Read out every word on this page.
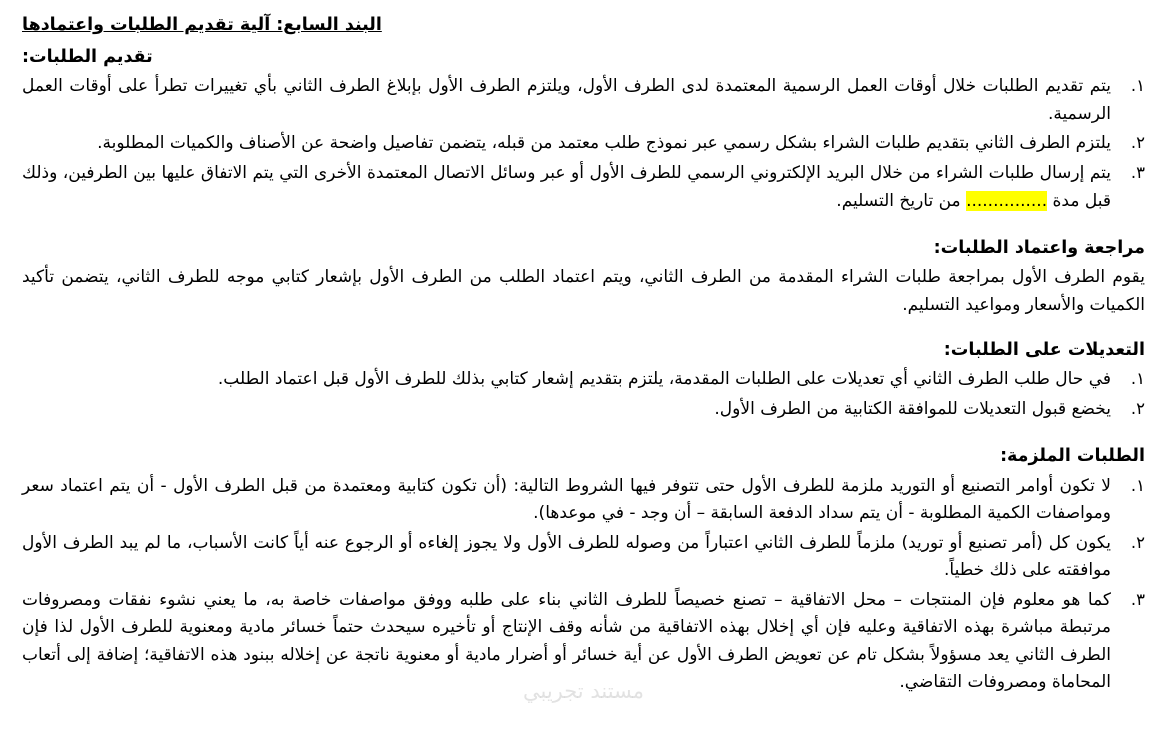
البند السابع: آلية تقديم الطلبات واعتمادها
تقديم الطلبات:
١.
يتم تقديم الطلبات خلال أوقات العمل الرسمية المعتمدة لدى الطرف الأول، ويلتزم الطرف الأول بإبلاغ الطرف الثاني بأي تغييرات تطرأ على أوقات العمل الرسمية.
٢.
يلتزم الطرف الثاني بتقديم طلبات الشراء بشكل رسمي عبر نموذج طلب معتمد من قبله، يتضمن تفاصيل واضحة عن الأصناف والكميات المطلوبة.
٣.
يتم إرسال طلبات الشراء من خلال البريد الإلكتروني الرسمي للطرف الأول أو عبر وسائل الاتصال المعتمدة الأخرى التي يتم الاتفاق عليها بين الطرفين، وذلك قبل مدة ............... من تاريخ التسليم.
مراجعة واعتماد الطلبات:
يقوم الطرف الأول بمراجعة طلبات الشراء المقدمة من الطرف الثاني، ويتم اعتماد الطلب من الطرف الأول بإشعار كتابي موجه للطرف الثاني، يتضمن تأكيد الكميات والأسعار ومواعيد التسليم.
التعديلات على الطلبات:
١.
في حال طلب الطرف الثاني أي تعديلات على الطلبات المقدمة، يلتزم بتقديم إشعار كتابي بذلك للطرف الأول قبل اعتماد الطلب.
٢.
يخضع قبول التعديلات للموافقة الكتابية من الطرف الأول.
الطلبات الملزمة:
١.
لا تكون أوامر التصنيع أو التوريد ملزمة للطرف الأول حتى تتوفر فيها الشروط التالية: (أن تكون كتابية ومعتمدة من قبل الطرف الأول - أن يتم اعتماد سعر ومواصفات الكمية المطلوبة - أن يتم سداد الدفعة السابقة – أن وجد - في موعدها).
٢.
يكون كل (أمر تصنيع أو توريد) ملزماً للطرف الثاني اعتباراً من وصوله للطرف الأول ولا يجوز إلغاءه أو الرجوع عنه أياً كانت الأسباب، ما لم يبد الطرف الأول موافقته على ذلك خطياً.
٣.
كما هو معلوم فإن المنتجات – محل الاتفاقية – تصنع خصيصاً للطرف الثاني بناء على طلبه ووفق مواصفات خاصة به، ما يعني نشوء نفقات ومصروفات مرتبطة مباشرة بهذه الاتفاقية وعليه فإن أي إخلال بهذه الاتفاقية من شأنه وقف الإنتاج أو تأخيره سيحدث حتماً خسائر مادية ومعنوية للطرف الأول لذا فإن الطرف الثاني يعد مسؤولاً بشكل تام عن تعويض الطرف الأول عن أية خسائر أو أضرار مادية أو معنوية ناتجة عن إخلاله ببنود هذه الاتفاقية؛ إضافة إلى أتعاب المحاماة ومصروفات التقاضي.
مستند تجريبي
